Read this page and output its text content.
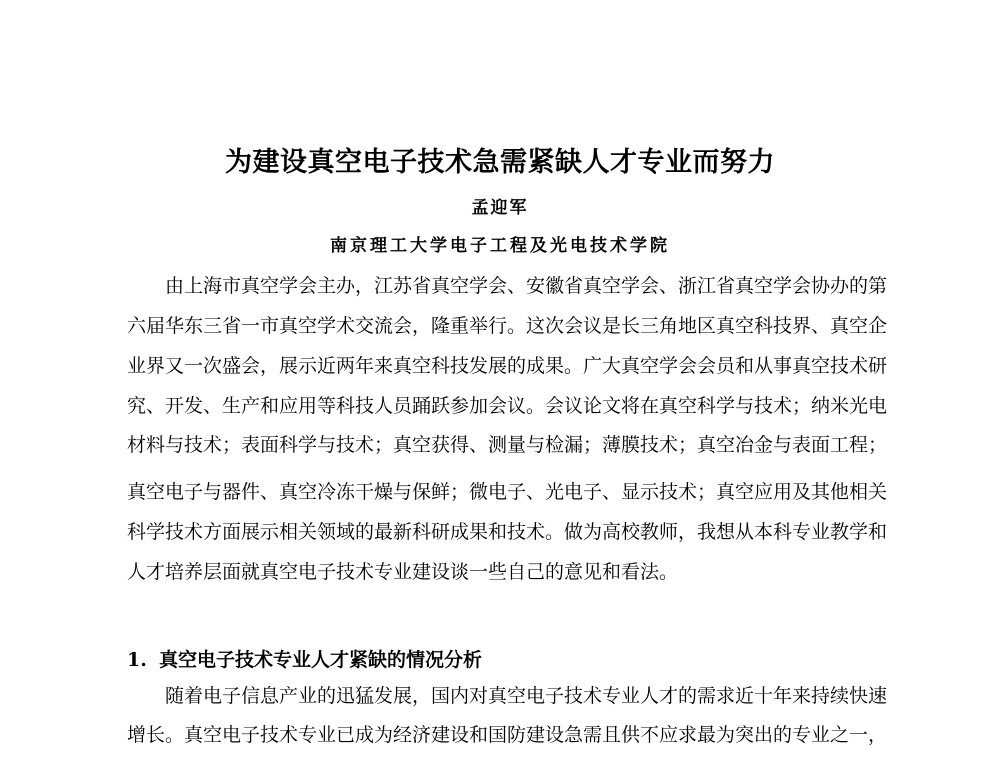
为建设真空电子技术急需紧缺人才专业而努力
孟迎军
南京理工大学电子工程及光电技术学院
由上海市真空学会主办，江苏省真空学会、安徽省真空学会、浙江省真空学会协办的第
六届华东三省一市真空学术交流会，隆重举行。这次会议是长三角地区真空科技界、真空企
业界又一次盛会，展示近两年来真空科技发展的成果。广大真空学会会员和从事真空技术研
究、开发、生产和应用等科技人员踊跃参加会议。会议论文将在真空科学与技术；纳米光电
材料与技术；表面科学与技术；真空获得、测量与检漏；薄膜技术；真空冶金与表面工程；
真空电子与器件、真空冷冻干燥与保鲜；微电子、光电子、显示技术；真空应用及其他相关
科学技术方面展示相关领域的最新科研成果和技术。做为高校教师，我想从本科专业教学和
人才培养层面就真空电子技术专业建设谈一些自己的意见和看法。
1. 真空电子技术专业人才紧缺的情况分析
随着电子信息产业的迅猛发展，国内对真空电子技术专业人才的需求近十年来持续快速
增长。真空电子技术专业已成为经济建设和国防建设急需且供不应求最为突出的专业之一，
